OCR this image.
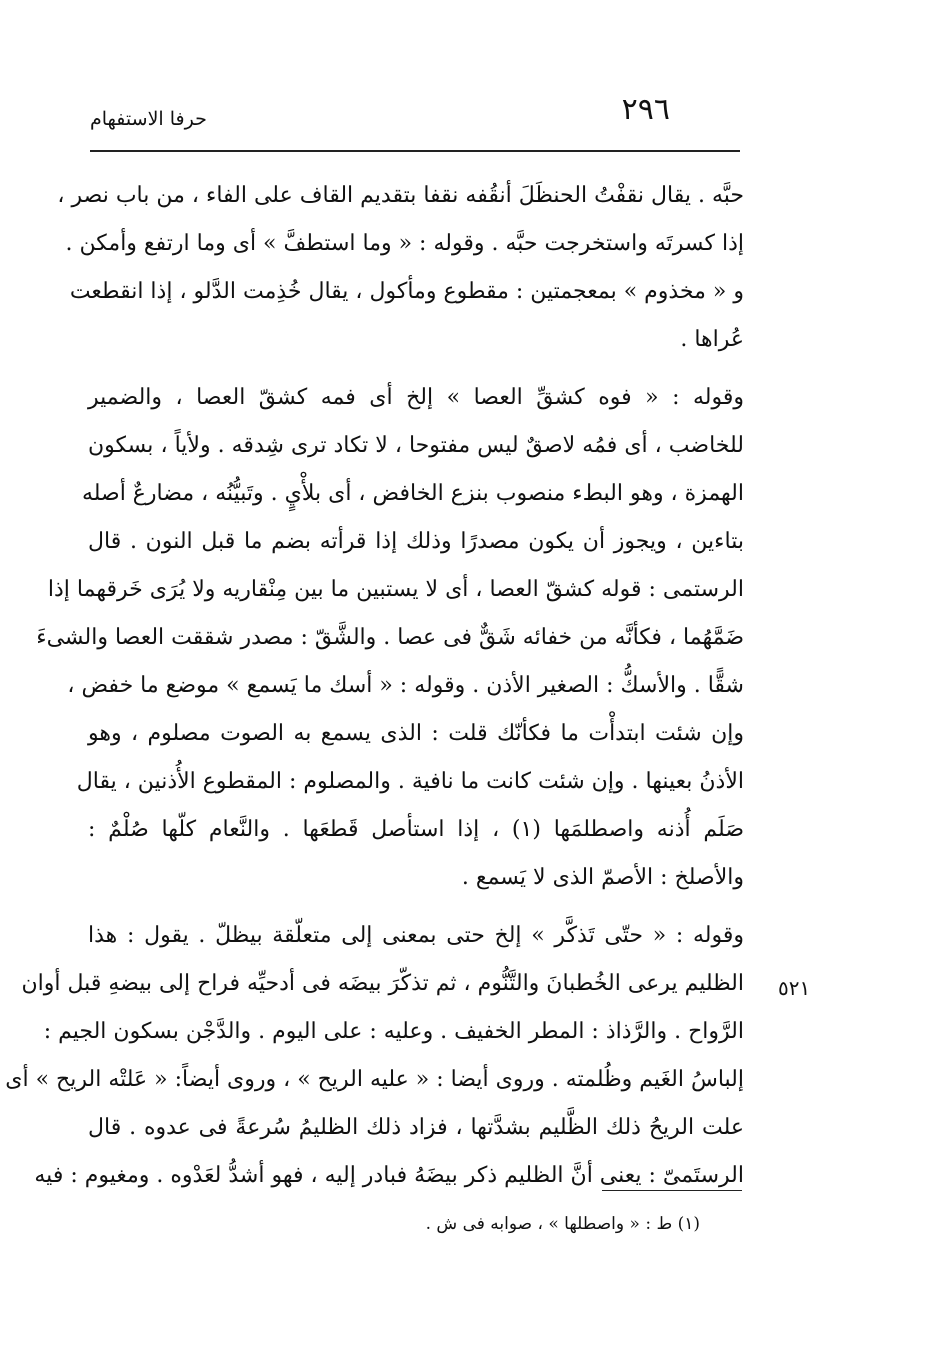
٢٩٦
حرفا الاستفهام
حبَّه . يقال نقفْتُ الحنظَلَ أنقُفه نقفا بتقديم القاف على الفاء ، من باب نصر ،
إذا كسرتَه واستخرجت حبَّه . وقوله : « وما استطفَّ » أى وما ارتفع وأمكن .
و « مخذوم » بمعجمتين : مقطوع ومأكول ، يقال خُذِمت الدَّلو ، إذا انقطعت
عُراها .
وقوله : « فوه كشقِّ العصا » إلخ أى فمه كشقّ العصا ، والضمير
للخاضب ، أى فمُه لاصقٌ ليس مفتوحا ، لا تكاد ترى شِدقه . ولأياً ، بسكون
الهمزة ، وهو البطء منصوب بنزع الخافض ، أى بلأْيٍ . وتَبيُّنُه ، مضارعٌ أصله
بتاءين ، ويجوز أن يكون مصدرًا وذلك إذا قرأته بضم ما قبل النون . قال
الرستمى : قوله كشقّ العصا ، أى لا يستبين ما بين مِنْقاريه ولا يُرَى خَرقهما إذا
ضَمَّهُما ، فكأنَّه من خفائه شَقٌّ فى عصا . والشَّقّ : مصدر شققت العصا والشىءَ
شقًّا . والأسكُّ : الصغير الأذن . وقوله : « أسك ما يَسمع » موضع ما خفض ،
وإن شئت ابتدأْت ما فكأنّك قلت : الذى يسمع به الصوت مصلوم ، وهو
الأذنُ بعينها . وإن شئت كانت ما نافية . والمصلوم : المقطوع الأُذنين ، يقال
صَلَم أُذنه واصطلمَها (١) ، إذا استأصل قَطعَها . والنَّعام كلّها صُلْمٌ :
والأصلخ : الأصمّ الذى لا يَسمع .
وقوله : « حتّى تَذكَّر » إلخ حتى بمعنى إلى متعلّقة بيظلّ . يقول : هذا
الظليم يرعى الخُطبانَ والتَّنُّوم ، ثم تذكّرَ بيضَه فى أدحيِّه فراح إلى بيضهِ قبل أوان
الرَّواح . والرَّذاذ : المطر الخفيف . وعليه : على اليوم . والدَّجْن بسكون الجيم :
إلباسُ الغَيم وظُلمته . وروى أيضا : « عليه الريح » ، وروى أيضاً: « عَلتْه الريح » أى
علت الريحُ ذلك الظَّليم بشدَّتها ، فزاد ذلك الظليمُ سُرعةً فى عدوه . قال
الرستَمىّ : يعنى أنَّ الظليم ذكر بيضَهُ فبادر إليه ، فهو أشدُّ لعَدْوه . ومغيوم : فيه
٥٢١
(١) ط : « واصطلها » ، صوابه فى ش .
